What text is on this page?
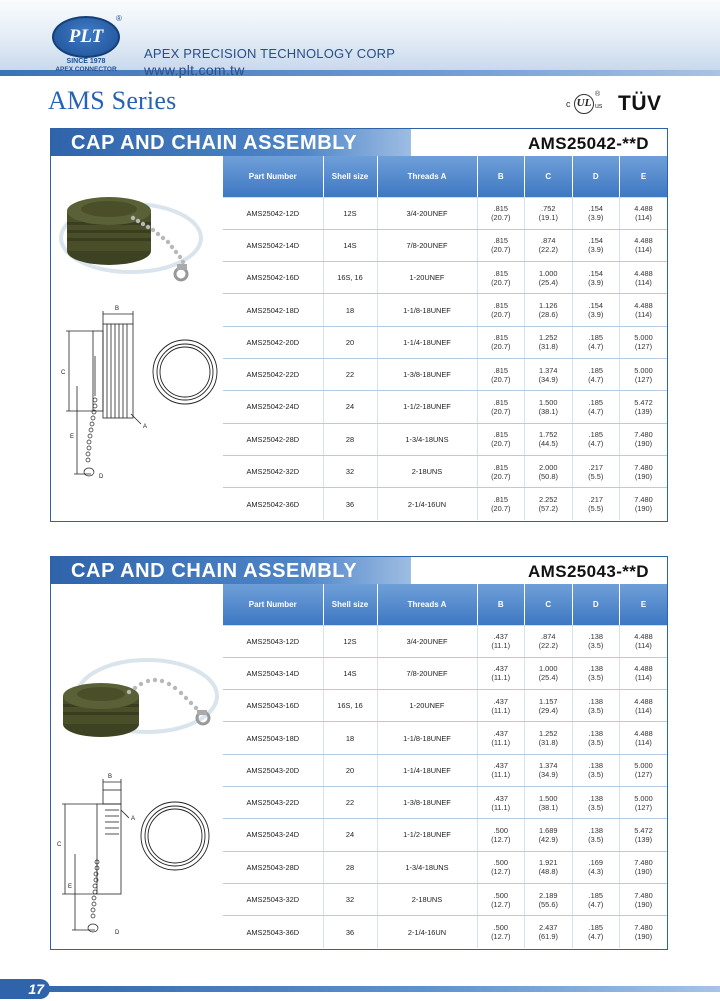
PLT
®
SINCE 1978
APEX CONNECTOR
APEX PRECISION TECHNOLOGY CORP
www.plt.com.tw
AMS Series	c UL
®
us TÜV
CAP AND CHAIN ASSEMBLY	AMS25042-**D
B
C
A
E
D
Part Number	Shell size	Threads A	B	C	D	E
AMS25042-12D	12S	3/4-20UNEF	.815
(20.7)	.752
(19.1)	.154
(3.9)	4.488
(114)

AMS25042-14D	14S	7/8-20UNEF	.815
(20.7)	.874
(22.2)	.154
(3.9)	4.488
(114)

AMS25042-16D	16S, 16	1-20UNEF	.815
(20.7)	1.000
(25.4)	.154
(3.9)	4.488
(114)

AMS25042-18D	18	1-1/8-18UNEF	.815
(20.7)	1.126
(28.6)	.154
(3.9)	4.488
(114)

AMS25042-20D	20	1-1/4-18UNEF	.815
(20.7)	1.252
(31.8)	.185
(4.7)	5.000
(127)

AMS25042-22D	22	1-3/8-18UNEF	.815
(20.7)	1.374
(34.9)	.185
(4.7)	5.000
(127)

AMS25042-24D	24	1-1/2-18UNEF	.815
(20.7)	1.500
(38.1)	.185
(4.7)	5.472
(139)

AMS25042-28D	28	1-3/4-18UNS	.815
(20.7)	1.752
(44.5)	.185
(4.7)	7.480
(190)

AMS25042-32D	32	2-18UNS	.815
(20.7)	2.000
(50.8)	.217
(5.5)	7.480
(190)

AMS25042-36D	36	2-1/4-16UN	.815
(20.7)	2.252
(57.2)	.217
(5.5)	7.480
(190)
CAP AND CHAIN ASSEMBLY	AMS25043-**D
B
C
A
E
D
Part Number	Shell size	Threads A	B	C	D	E
AMS25043-12D	12S	3/4-20UNEF	.437
(11.1)	.874
(22.2)	.138
(3.5)	4.488
(114)

AMS25043-14D	14S	7/8-20UNEF	.437
(11.1)	1.000
(25.4)	.138
(3.5)	4.488
(114)

AMS25043-16D	16S, 16	1-20UNEF	.437
(11.1)	1.157
(29.4)	.138
(3.5)	4.488
(114)

AMS25043-18D	18	1-1/8-18UNEF	.437
(11.1)	1.252
(31.8)	.138
(3.5)	4.488
(114)

AMS25043-20D	20	1-1/4-18UNEF	.437
(11.1)	1.374
(34.9)	.138
(3.5)	5.000
(127)

AMS25043-22D	22	1-3/8-18UNEF	.437
(11.1)	1.500
(38.1)	.138
(3.5)	5.000
(127)

AMS25043-24D	24	1-1/2-18UNEF	.500
(12.7)	1.689
(42.9)	.138
(3.5)	5.472
(139)

AMS25043-28D	28	1-3/4-18UNS	.500
(12.7)	1.921
(48.8)	.169
(4.3)	7.480
(190)

AMS25043-32D	32	2-18UNS	.500
(12.7)	2.189
(55.6)	.185
(4.7)	7.480
(190)

AMS25043-36D	36	2-1/4-16UN	.500
(12.7)	2.437
(61.9)	.185
(4.7)	7.480
(190)
17
